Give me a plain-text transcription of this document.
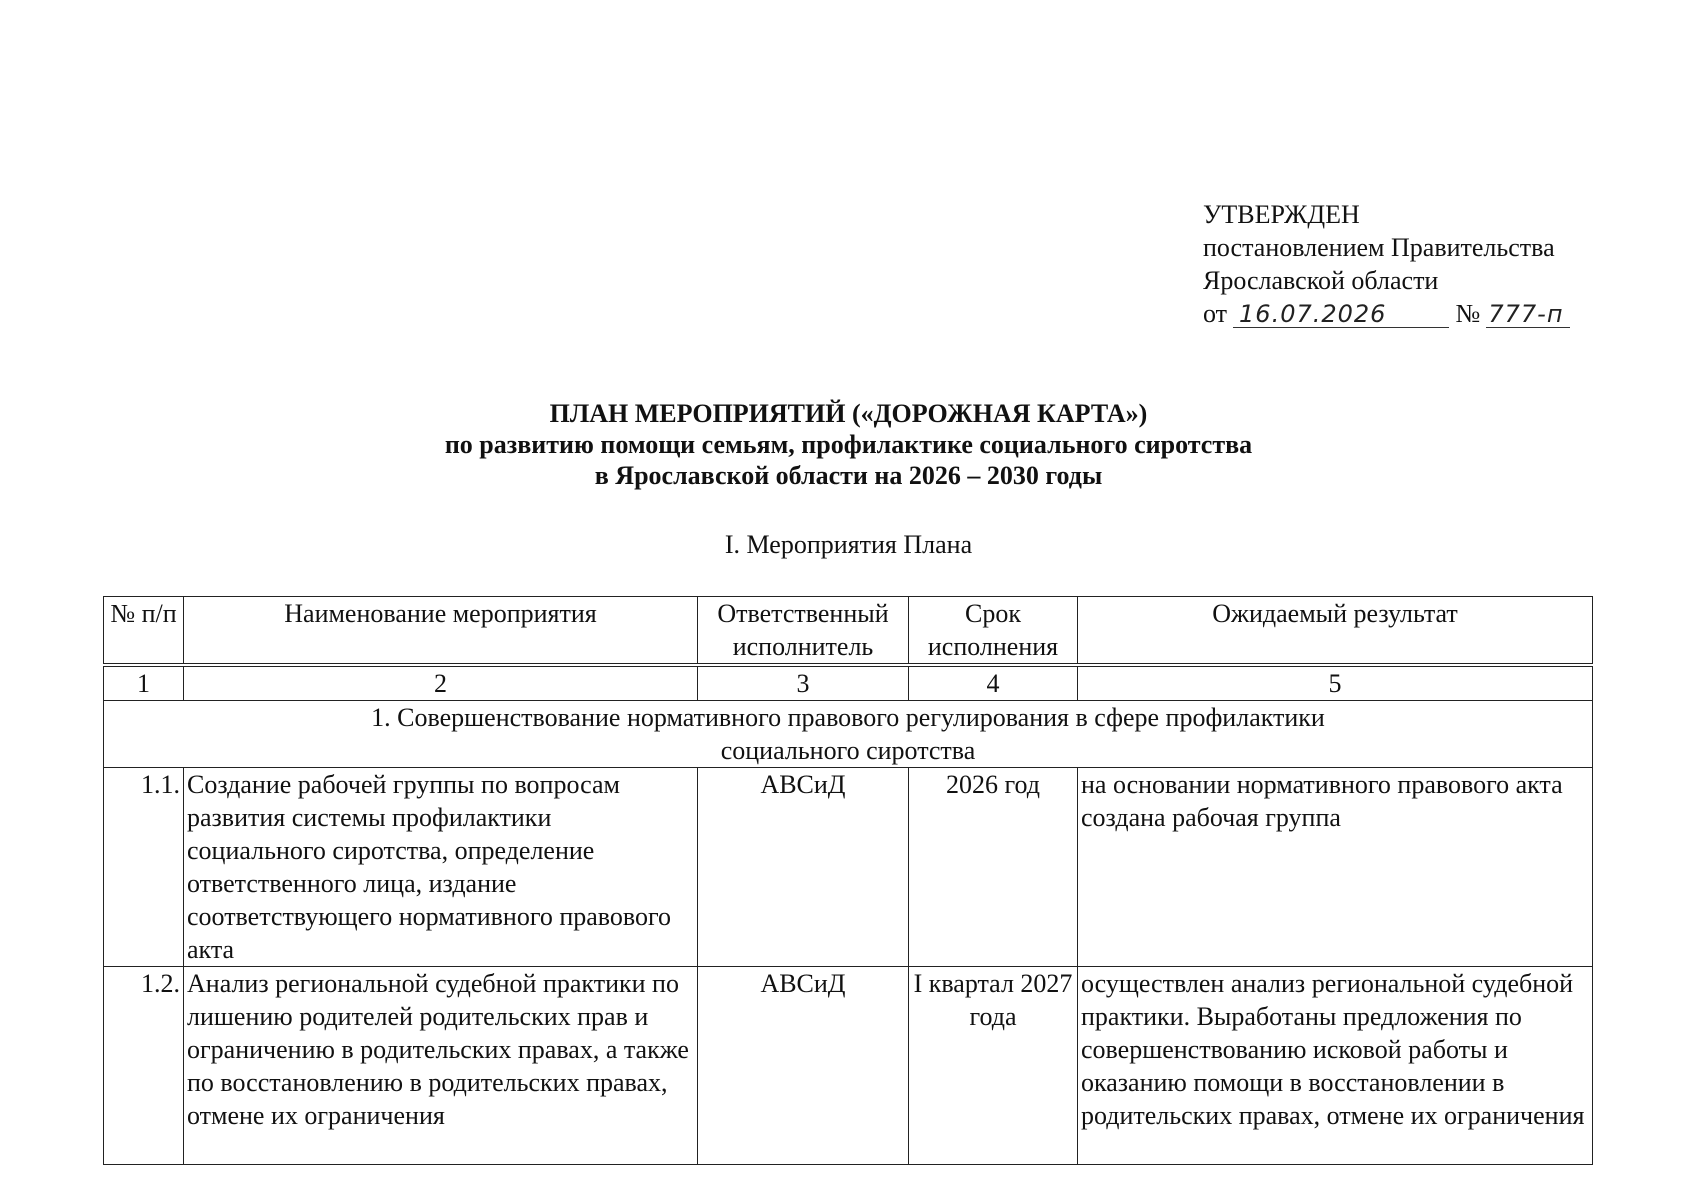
УТВЕРЖДЕН
постановлением Правительства
Ярославской области
от 16.07.2026	№ 777-п
ПЛАН МЕРОПРИЯТИЙ («ДОРОЖНАЯ КАРТА»)
по развитию помощи семьям, профилактике социального сиротства
в Ярославской области на 2026 – 2030 годы
I. Мероприятия Плана
№ п/п	Наименование мероприятия	Ответственный исполнитель	Срок исполнения	Ожидаемый результат
1	2	3	4	5
1. Совершенствование нормативного правового регулирования в сфере профилактики социального сиротства				
1.1.	Создание рабочей группы по вопросам развития системы профилактики социального сиротства, определение ответственного лица, издание соответствующего нормативного правового акта	АВСиД	2026 год	на основании нормативного правового акта создана рабочая группа
1.2.	Анализ региональной судебной практики по лишению родителей родительских прав и ограничению в родительских правах, а также по восстановлению в родительских правах, отмене их ограничения	АВСиД	I квартал 2027 года	осуществлен анализ региональной судебной практики. Выработаны предложения по совершенствованию исковой работы и оказанию помощи в восстановлении в родительских правах, отмене их ограничения
